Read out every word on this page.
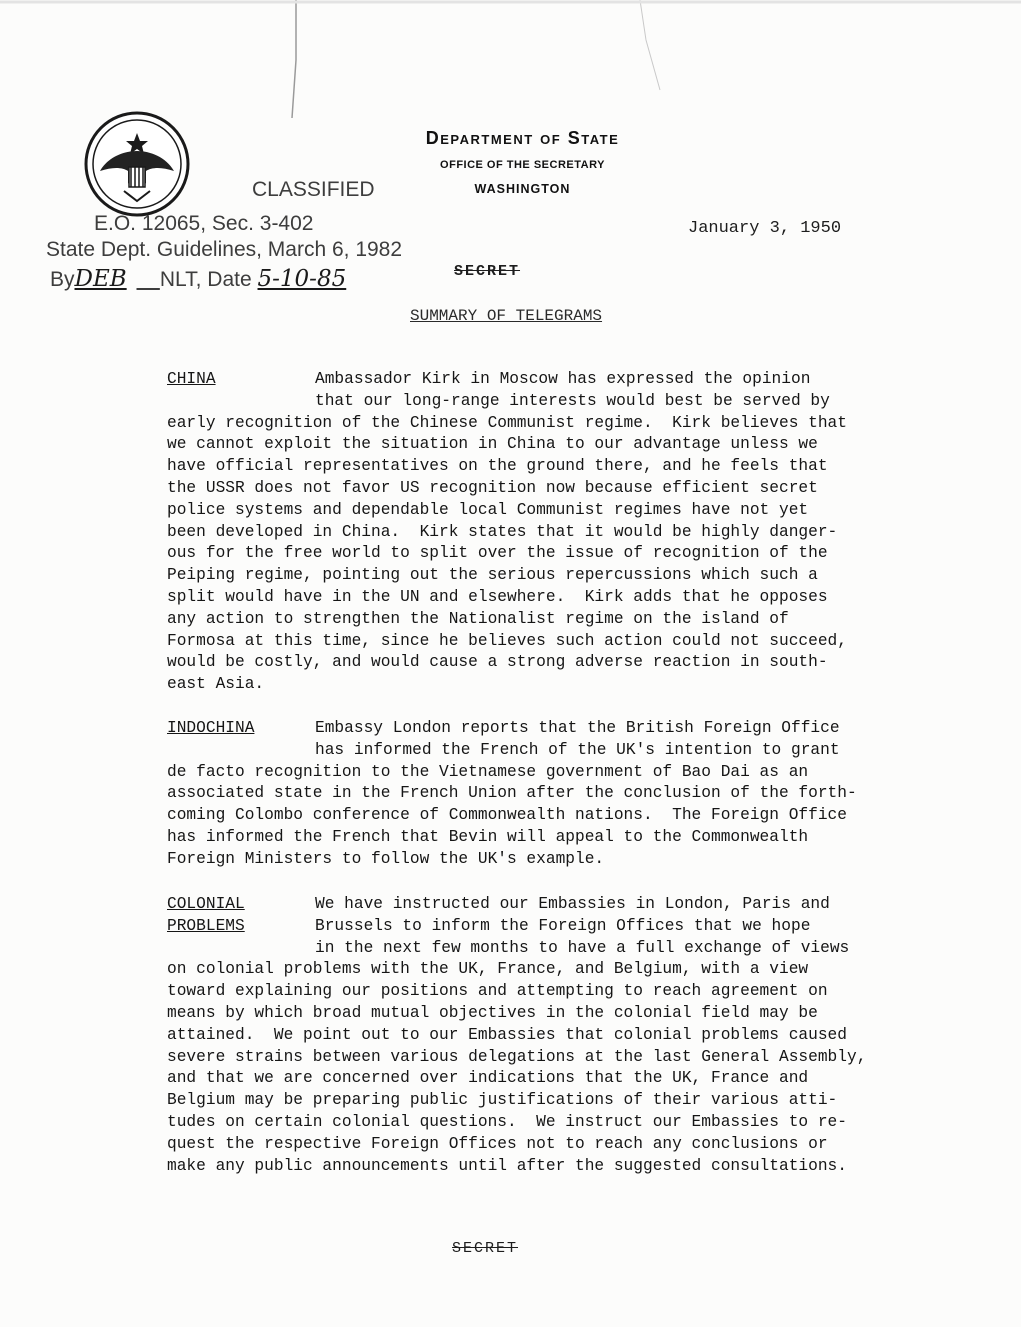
Department of State
OFFICE OF THE SECRETARY
WASHINGTON
CLASSIFIED
E.O. 12065, Sec. 3-402
State Dept. Guidelines, March 6, 1982
ByDEB NLT, Date 5-10-85
January 3, 1950
SECRET
SUMMARY OF TELEGRAMS
CHINA	Ambassador Kirk in Moscow has expressed the opinion
that our long-range interests would best be served by
early recognition of the Chinese Communist regime.  Kirk believes that
we cannot exploit the situation in China to our advantage unless we
have official representatives on the ground there, and he feels that
the USSR does not favor US recognition now because efficient secret
police systems and dependable local Communist regimes have not yet
been developed in China.  Kirk states that it would be highly danger-
ous for the free world to split over the issue of recognition of the
Peiping regime, pointing out the serious repercussions which such a
split would have in the UN and elsewhere.  Kirk adds that he opposes
any action to strengthen the Nationalist regime on the island of
Formosa at this time, since he believes such action could not succeed,
would be costly, and would cause a strong adverse reaction in south-
east Asia.
INDOCHINA	Embassy London reports that the British Foreign Office
has informed the French of the UK's intention to grant
de facto recognition to the Vietnamese government of Bao Dai as an
associated state in the French Union after the conclusion of the forth-
coming Colombo conference of Commonwealth nations.  The Foreign Office
has informed the French that Bevin will appeal to the Commonwealth
Foreign Ministers to follow the UK's example.
COLONIAL
PROBLEMS
We have instructed our Embassies in London, Paris and
Brussels to inform the Foreign Offices that we hope
in the next few months to have a full exchange of views
on colonial problems with the UK, France, and Belgium, with a view
toward explaining our positions and attempting to reach agreement on
means by which broad mutual objectives in the colonial field may be
attained.  We point out to our Embassies that colonial problems caused
severe strains between various delegations at the last General Assembly,
and that we are concerned over indications that the UK, France and
Belgium may be preparing public justifications of their various atti-
tudes on certain colonial questions.  We instruct our Embassies to re-
quest the respective Foreign Offices not to reach any conclusions or
make any public announcements until after the suggested consultations.
SECRET
